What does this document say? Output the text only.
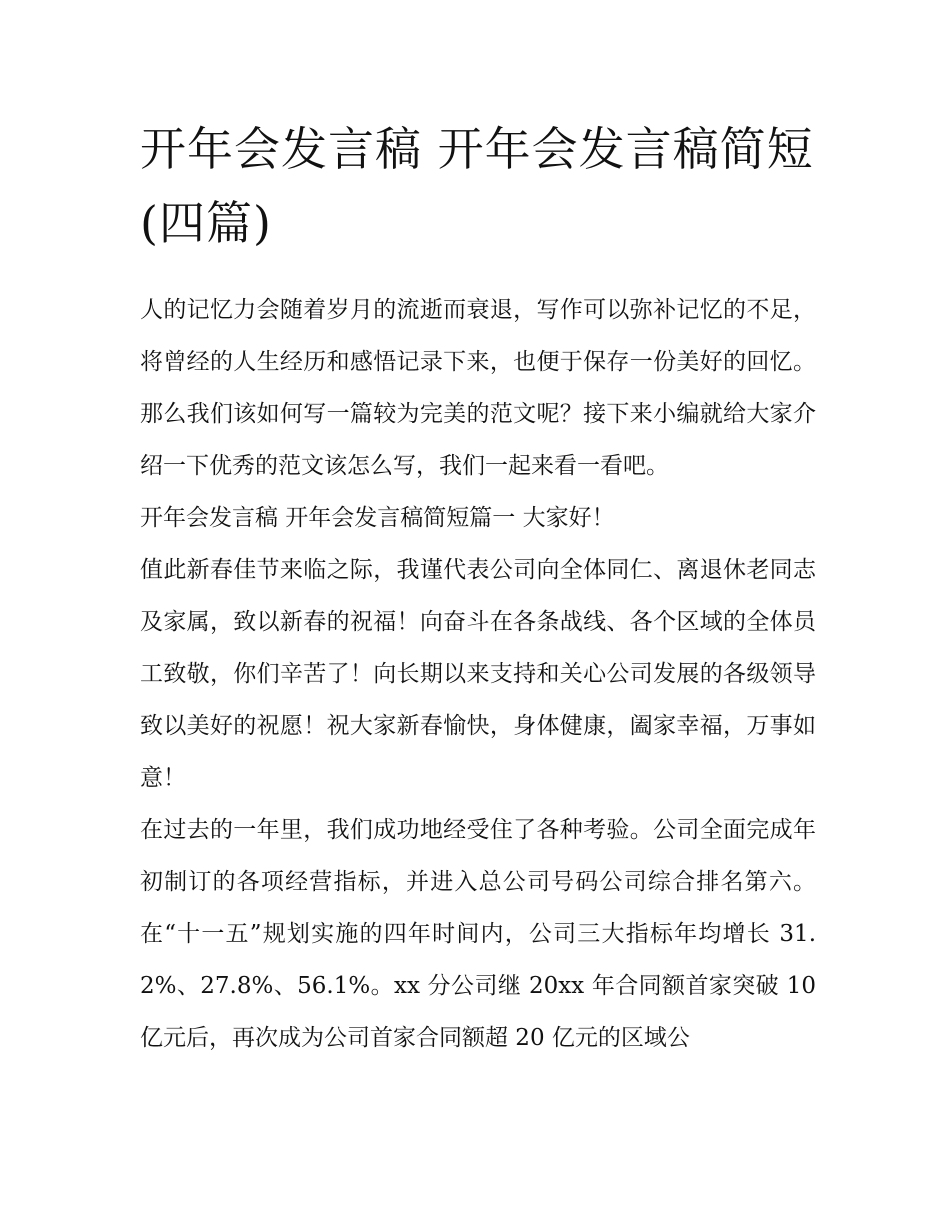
开年会发言稿 开年会发言稿简短(四篇)

人的记忆力会随着岁月的流逝而衰退，写作可以弥补记忆的不足，将曾经的人生经历和感悟记录下来，也便于保存一份美好的回忆。那么我们该如何写一篇较为完美的范文呢？接下来小编就给大家介绍一下优秀的范文该怎么写，我们一起来看一看吧。

开年会发言稿 开年会发言稿简短篇一 大家好！

值此新春佳节来临之际，我谨代表公司向全体同仁、离退休老同志及家属，致以新春的祝福！向奋斗在各条战线、各个区域的全体员工致敬，你们辛苦了！向长期以来支持和关心公司发展的各级领导致以美好的祝愿！祝大家新春愉快，身体健康，阖家幸福，万事如意！

在过去的一年里，我们成功地经受住了各种考验。公司全面完成年初制订的各项经营指标，并进入总公司号码公司综合排名第六。在“十一五”规划实施的四年时间内，公司三大指标年均增长 31.2%、27.8%、56.1%。xx 分公司继 20xx 年合同额首家突破 10 亿元后，再次成为公司首家合同额超 20 亿元的区域公
